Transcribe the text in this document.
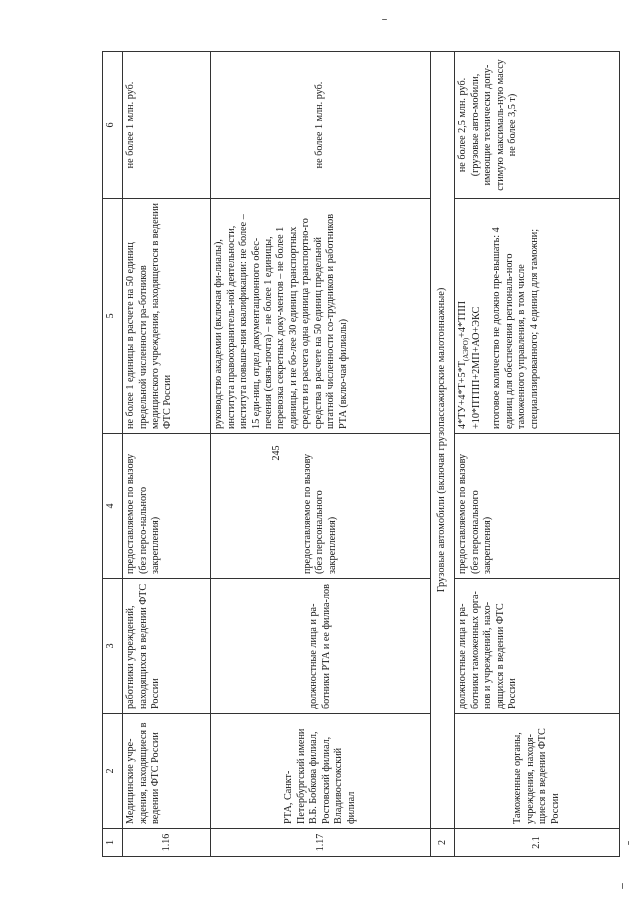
245
1	2	3	4	5	6
1.16	Медицинские учре-ждения, находящиеся в ведении ФТС России	работники учреждений, находящихся в ведении ФТС России	предоставляемое по вызову (без персо-нального закрепления)	не более 1 единицы в расчете на 50 единиц предельной численности ра-ботников медицинского учреждения, находящегося в ведении ФТС России	не более 1 млн. руб.
1.17	РТА, Санкт-Петербургский имени В.Б. Бобкова филиал, Ростовский филиал, Владивостокский филиал	должностные лица и ра-ботники РТА и ее филиа-лов	предоставляемое по вызову (без персонального закрепления)	руководство академии (включая фи-лиалы), института правоохранитель-ной деятельности, института повыше-ния квалификации: не более – 15 еди-ниц, отдел документационного обес-печения (связь-почта) – не более 1 единицы, перевозка секретных доку-ментов – не более 1 единицы, и не бо-лее 30 единиц транспортных средств из расчета одна единица транспортно-го средства в расчете на 50 единиц предельной штатной численности со-трудников и работников РТА (вклю-чая филиалы)	не более 1 млн. руб.
2	Грузовые автомобили (включая грузопассажирские малотоннажные)				
2.1	Таможенные органы, учреждения, находя-щиеся в ведении ФТС России	должностные лица и ра-ботники таможенных орга-нов и учреждений, нахо-дящихся в ведении ФТС России	предоставляемое по вызову (без персонального закрепления)	$4*ТУ+4*Т+5*Т_{(АЭРО)}+4*ТПП$ +10*ПТПП+2МП+АО+ЭКС итоговое количество не должно пре-вышать: 4 единиц для обеспечения региональ-ного таможенного управления, в том числе специализированного; 4 единиц для таможни;	не более 2,5 млн. руб. (грузовые авто-мобили, имеющие технически допу-стимую максималь-ную массу не более 3,5 т)
